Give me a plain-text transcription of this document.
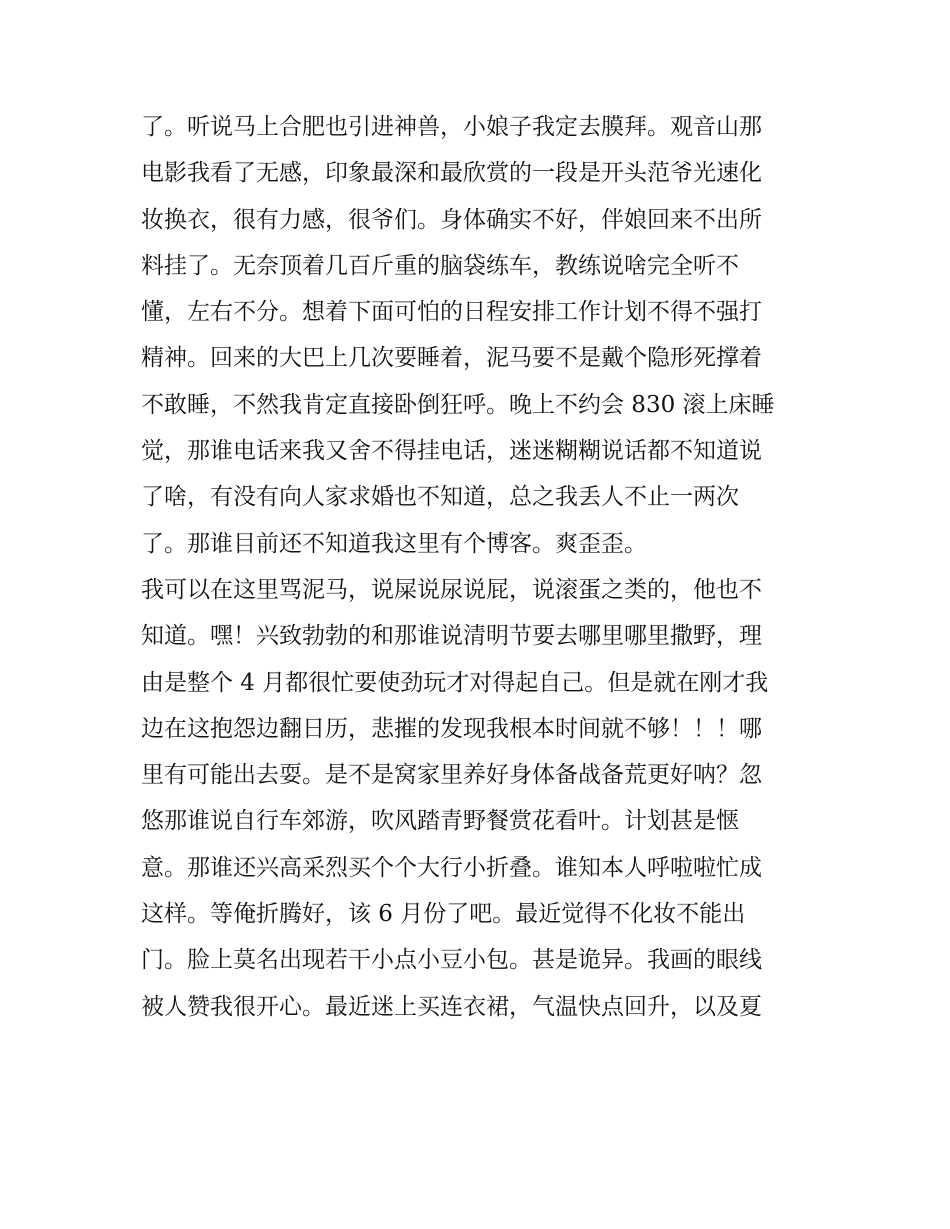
了。听说马上合肥也引进神兽，小娘子我定去膜拜。观音山那
电影我看了无感，印象最深和最欣赏的一段是开头范爷光速化
妆换衣，很有力感，很爷们。身体确实不好，伴娘回来不出所
料挂了。无奈顶着几百斤重的脑袋练车，教练说啥完全听不
懂，左右不分。想着下面可怕的日程安排工作计划不得不强打
精神。回来的大巴上几次要睡着，泥马要不是戴个隐形死撑着
不敢睡，不然我肯定直接卧倒狂呼。晚上不约会 830 滚上床睡
觉，那谁电话来我又舍不得挂电话，迷迷糊糊说话都不知道说
了啥，有没有向人家求婚也不知道，总之我丢人不止一两次
了。那谁目前还不知道我这里有个博客。爽歪歪。
我可以在这里骂泥马，说屎说尿说屁，说滚蛋之类的，他也不
知道。嘿！兴致勃勃的和那谁说清明节要去哪里哪里撒野，理
由是整个 4 月都很忙要使劲玩才对得起自己。但是就在刚才我
边在这抱怨边翻日历，悲摧的发现我根本时间就不够！！！哪
里有可能出去耍。是不是窝家里养好身体备战备荒更好呐？忽
悠那谁说自行车郊游，吹风踏青野餐赏花看叶。计划甚是惬
意。那谁还兴高采烈买个个大行小折叠。谁知本人呼啦啦忙成
这样。等俺折腾好，该 6 月份了吧。最近觉得不化妆不能出
门。脸上莫名出现若干小点小豆小包。甚是诡异。我画的眼线
被人赞我很开心。最近迷上买连衣裙，气温快点回升，以及夏
